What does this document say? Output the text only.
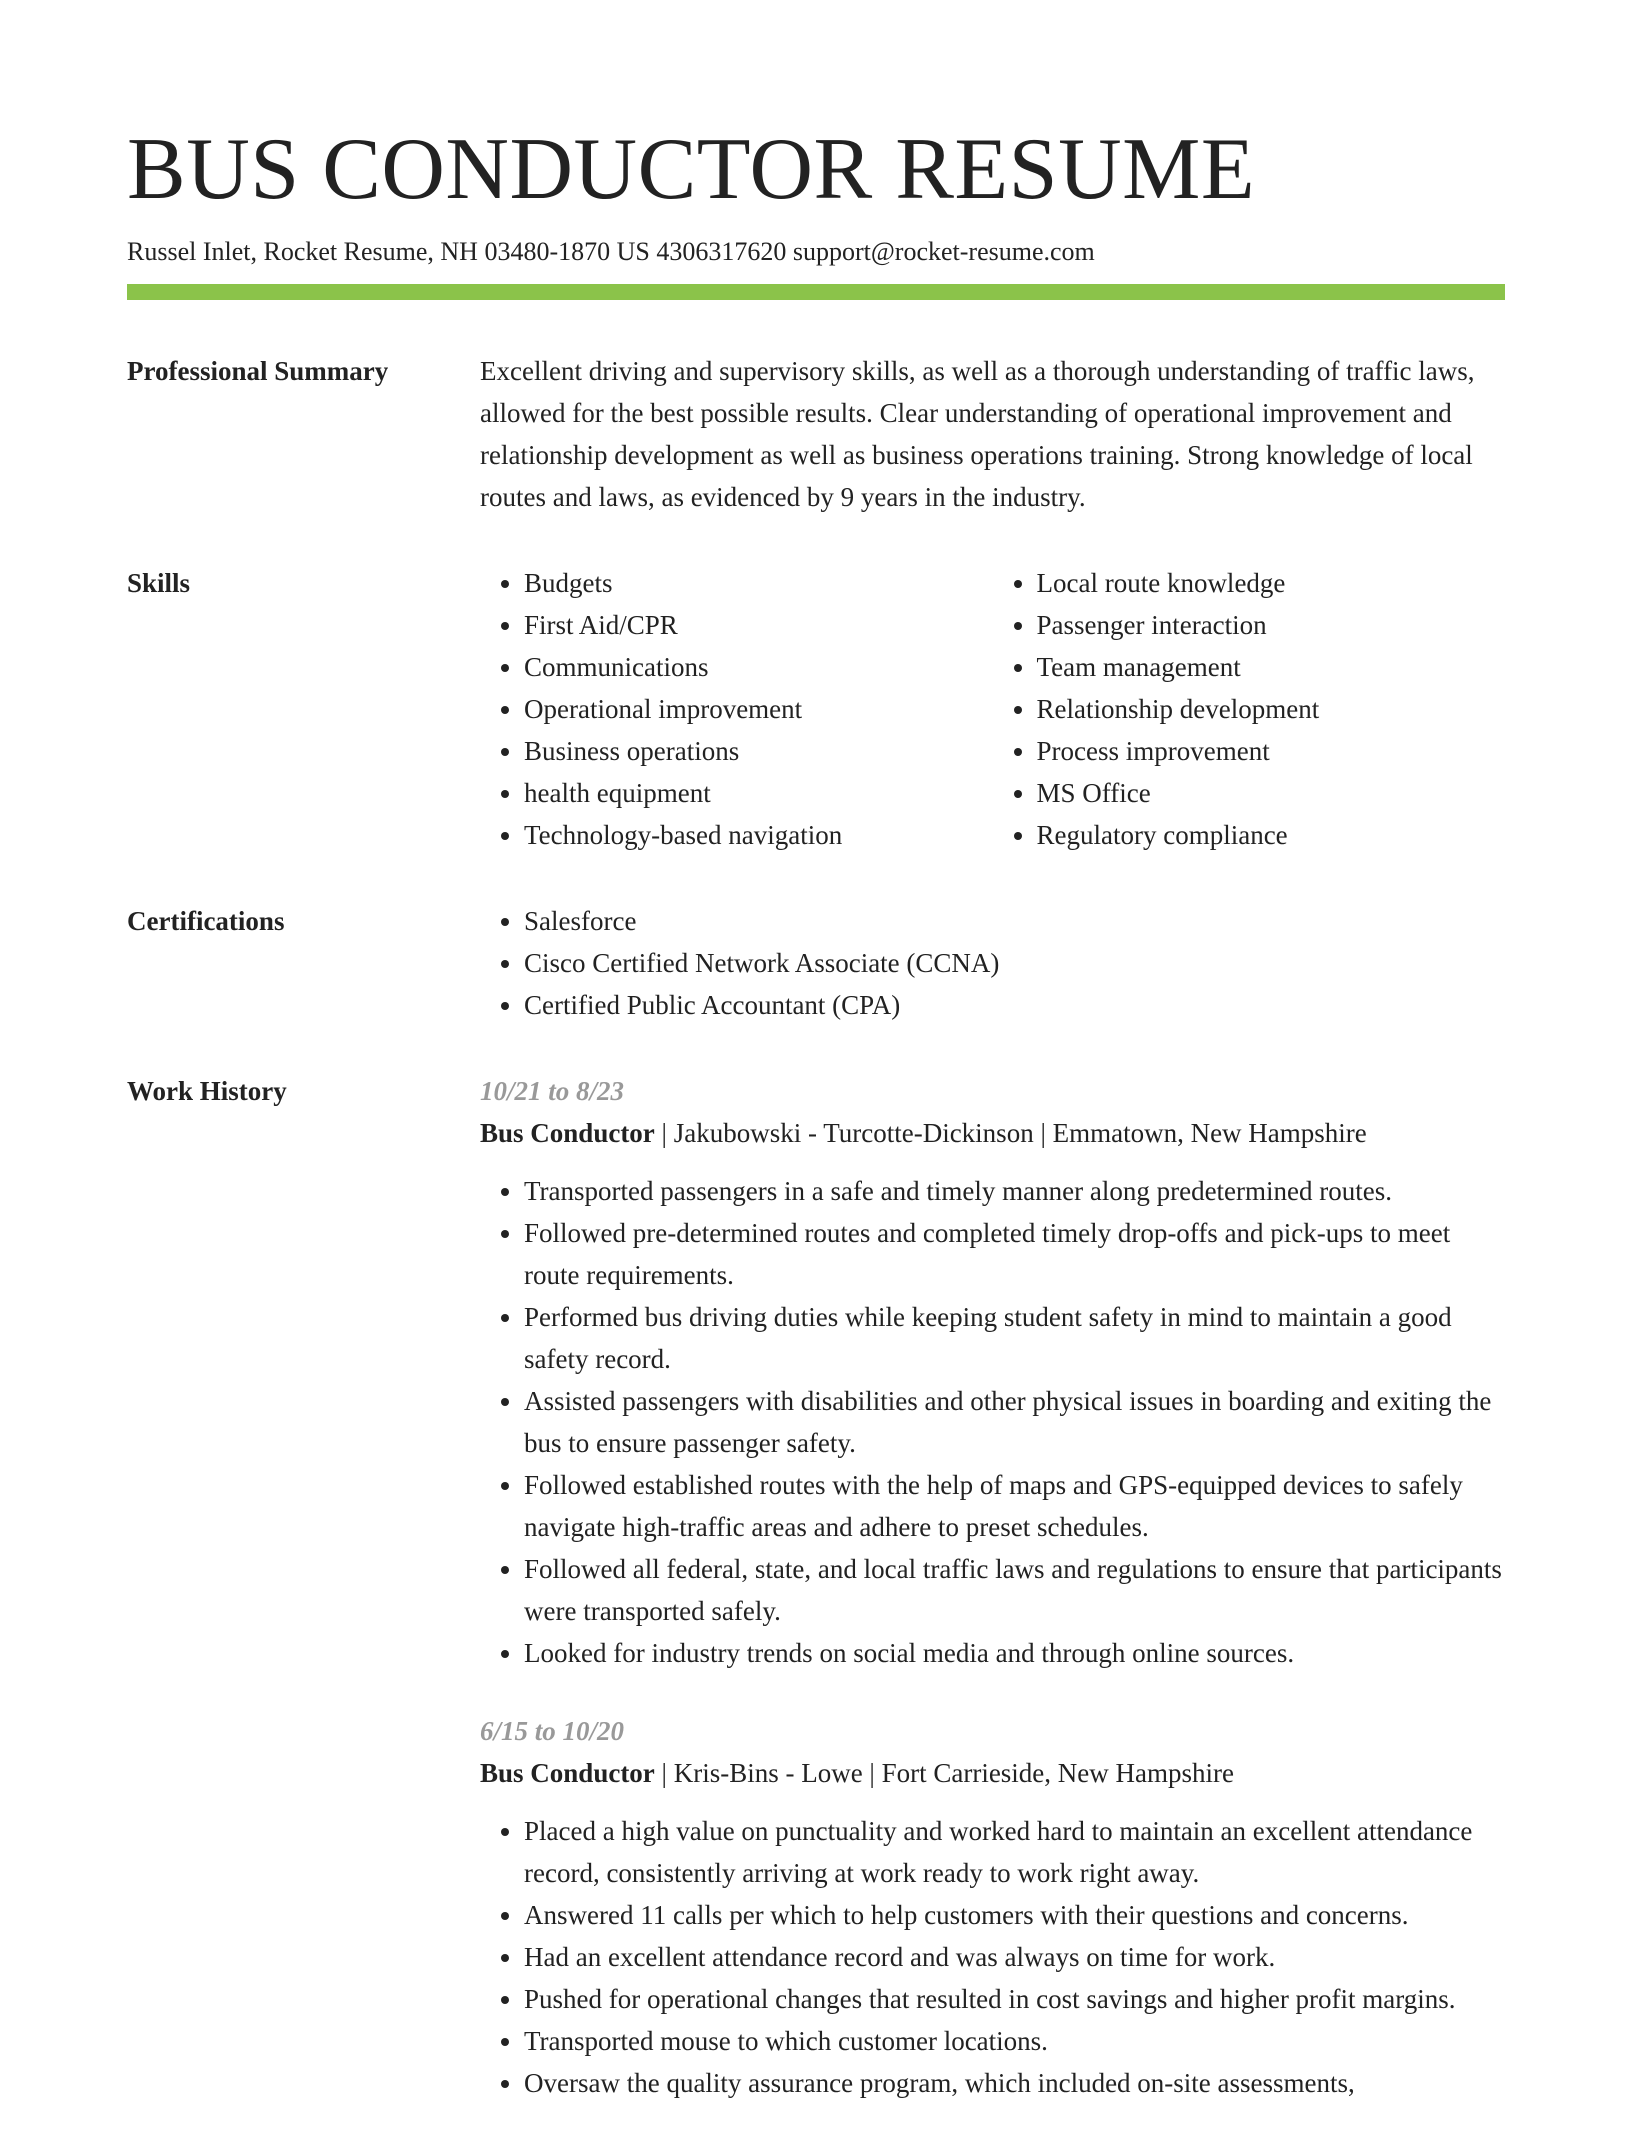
BUS CONDUCTOR RESUME
Russel Inlet, Rocket Resume, NH 03480-1870 US 4306317620 support@rocket-resume.com
Professional Summary	Excellent driving and supervisory skills, as well as a thorough understanding of traffic laws, allowed for the best possible results. Clear understanding of operational improvement and relationship development as well as business operations training. Strong knowledge of local routes and laws, as evidenced by 9 years in the industry.

Skills	• Budgets
• First Aid/CPR
• Communications
• Operational improvement
• Business operations
• health equipment
• Technology-based navigation
• Local route knowledge
• Passenger interaction
• Team management
• Relationship development
• Process improvement
• MS Office
• Regulatory compliance
Certifications	• Salesforce
• Cisco Certified Network Associate (CCNA)
• Certified Public Accountant (CPA)
Work History	10/21 to 8/23
Bus Conductor | Jakubowski - Turcotte-Dickinson | Emmatown, New Hampshire
• Transported passengers in a safe and timely manner along predetermined routes.
• Followed pre-determined routes and completed timely drop-offs and pick-ups to meet route requirements.
• Performed bus driving duties while keeping student safety in mind to maintain a good safety record.
• Assisted passengers with disabilities and other physical issues in boarding and exiting the bus to ensure passenger safety.
• Followed established routes with the help of maps and GPS-equipped devices to safely navigate high-traffic areas and adhere to preset schedules.
• Followed all federal, state, and local traffic laws and regulations to ensure that participants were transported safely.
• Looked for industry trends on social media and through online sources.
6/15 to 10/20
Bus Conductor | Kris-Bins - Lowe | Fort Carrieside, New Hampshire
• Placed a high value on punctuality and worked hard to maintain an excellent attendance record, consistently arriving at work ready to work right away.
• Answered 11 calls per which to help customers with their questions and concerns.
• Had an excellent attendance record and was always on time for work.
• Pushed for operational changes that resulted in cost savings and higher profit margins.
• Transported mouse to which customer locations.
• Oversaw the quality assurance program, which included on-site assessments,
